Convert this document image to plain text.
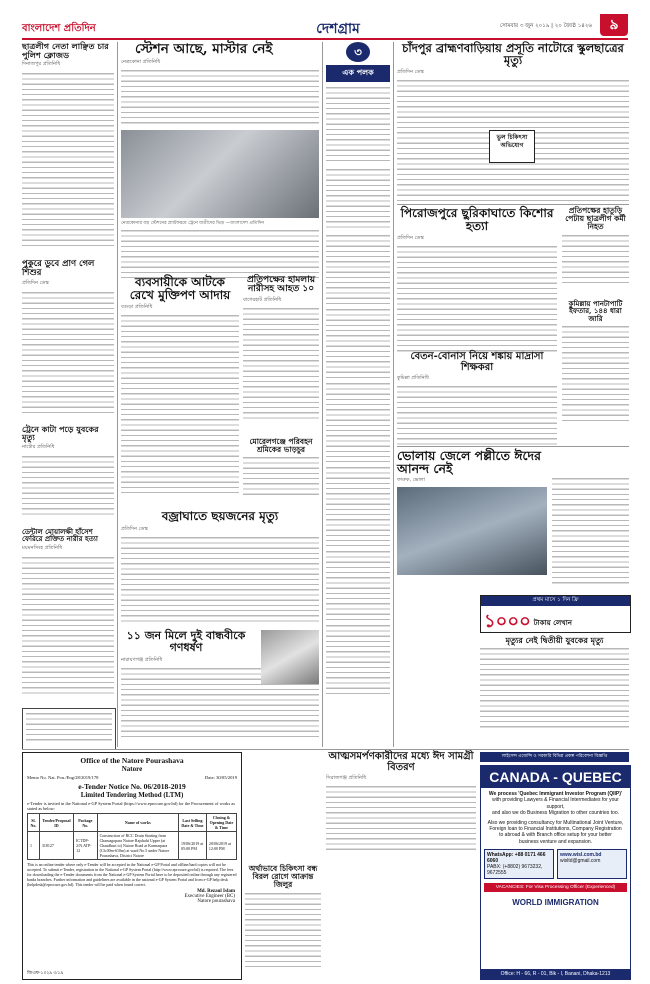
বাংলাদেশ প্রতিদিন	দেশগ্রাম	সোমবার ৩ জুন ২০১৯ | ২০ জ্যৈষ্ঠ ১৪২৬	৯
ছাত্রলীগ নেতা লাঞ্ছিত চার পুলিশ ক্লোজড
দিনাজপুর প্রতিনিধি
পুকুরে ডুবে প্রাণ গেল শিশুর
প্রতিদিন ডেস্ক
ট্রেনে কাটা পড়ে যুবকের মৃত্যু
নাটোর প্রতিনিধি
ডেন্টাল মোয়ালক্ষী হাঁসেশ ফেরিরে প্রক্তিত নারীর হত্যা
ময়মনসিংহ প্রতিনিধি
স্টেশন আছে, মাস্টার নেই
নেত্রকোনা প্রতিনিধি
নেত্রকোনার বড় স্টেশনের প্ল্যাটফরমে ট্রেনে যাত্রীদের ভিড় —বাংলাদেশ প্রতিদিন
ব্যবসায়ীকে আটকে রেখে মুক্তিপণ আদায়
বগুড়া প্রতিনিধি
প্রতিপক্ষের হামলায় নারীসহ আহত ১০
বাগেরহাট প্রতিনিধি
মোরেলগঞ্জে পরিবহন শ্রমিকের ভাড়চুর
বজ্রাঘাতে ছয়জনের মৃত্যু
প্রতিদিন ডেস্ক
১১ জন মিলে দুই বান্ধবীকে গণধর্ষণ
নারায়ণগঞ্জ প্রতিনিধি
৩
এক পলক
চাঁদপুর ব্রাহ্মণবাড়িয়ায় প্রসূতি নাটোরে স্কুলছাত্রের মৃত্যু
প্রতিদিন ডেস্ক
ভুল চিকিৎসা অভিযোগ
পিরোজপুরে ছুরিকাঘাতে কিশোর হত্যা
প্রতিদিন ডেস্ক
প্রতিপক্ষের হাতুড়ি পেটায় ছাত্রলীগ কর্মী নিহত
কুমিল্লায় পানটাপাটি ইফতার, ১৪৪ ধারা জারি
বেতন-বোনাস নিয়ে শঙ্কায় মাদ্রাসা শিক্ষকরা
কুমিল্লা প্রতিনিধি
ভোলায় জেলে পল্লীতে ঈদের আনন্দ নেই
ফারুক, ভোলা
প্রথম মাসে ১ দিন ফ্রি
১০০০ টাকায় লেখান
আত্মসমর্পণকারীদের মধ্যে ঈদ সামগ্রী বিতরণ
সিরাজগঞ্জ প্রতিনিধি
অর্থাভাবে চিকিৎসা বন্ধ বিরল রোগে আক্রান্ত জিলুর
মৃত্যুর নেই দ্বিতীয়ী যুবকের মৃত্যু
Office of the Natore Pourashava
Natore
Memo No. Nat. Pou./Eng/28/2019/178	Date: 30/05/2019
e-Tender Notice No. 06/2018-2019
Limited Tendering Method (LTM)
e-Tender is invited in the National e-GP System Portal (https://www.eprocure.gov.bd) for the Procurement of works as stated as below:
Sl. No.	Tender/Proposal ID	Package No.	Name of works	Last Selling Date & Time	Closing & Opening Date & Time
1	318127	ICTDP-2/N.ATP-12	Construction of RCC Drain Starting from Charuagopara Natore Rajshahi Upper (at Chaudhuri to) Natore Road at Karmarpara (Ch.00m-610m) at ward No.5 under Natore Pourashava, District Natore	19/06/2019 at 05:00 PM	20/06/2019 at 12:00 PM
This is an online tender where only e-Tender will be accepted in the National e-GP Portal and offline/hard copies will not be accepted. To submit e-Tender, registration in the National e-GP System Portal (http://www.eprocure.gov.bd) is required. The fees for downloading the e-Tender documents from the National e-GP System Portal have to be deposited online through any registered banks branches. Further information and guidelines are available in the national e-GP System Portal and from e-GP help desk (helpdesk@eprocure.gov.bd). This tender will be paid when found correct.
Md. Rezaul Islam
Executive Engineer (BC)
Natore pourashava
জিএফ-১০২৯ ৩/১৯
লাইসেন্স এজেন্সি ও সরকারি বিভিন্ন প্রকল্প পরিবেশনা বিজ্ঞপ্তি
CANADA - QUEBEC
We process 'Quebec Immigrant Investor Program (QIIP)'
with providing Lawyers & Financial Intermediates for your support,
and also we do Business Migration to other countries too.
Also we providing consultancy for Multinational Joint Venture,
Foreign loan to Financial Institutions, Company Registration
to abroad & with Branch office setup for your better
business venture and expansion.
WhatsApp: +88 0171 466 6060
PABX: (+8802) 9673232, 9672555
www.wisl.com.bd
wisltd@gmail.com
VACANCIES: For Visa Processing Officer (Experienced)
WORLD IMMIGRATION
Office: H - 66, R - 01, Blk - I, Banani, Dhaka-1213
